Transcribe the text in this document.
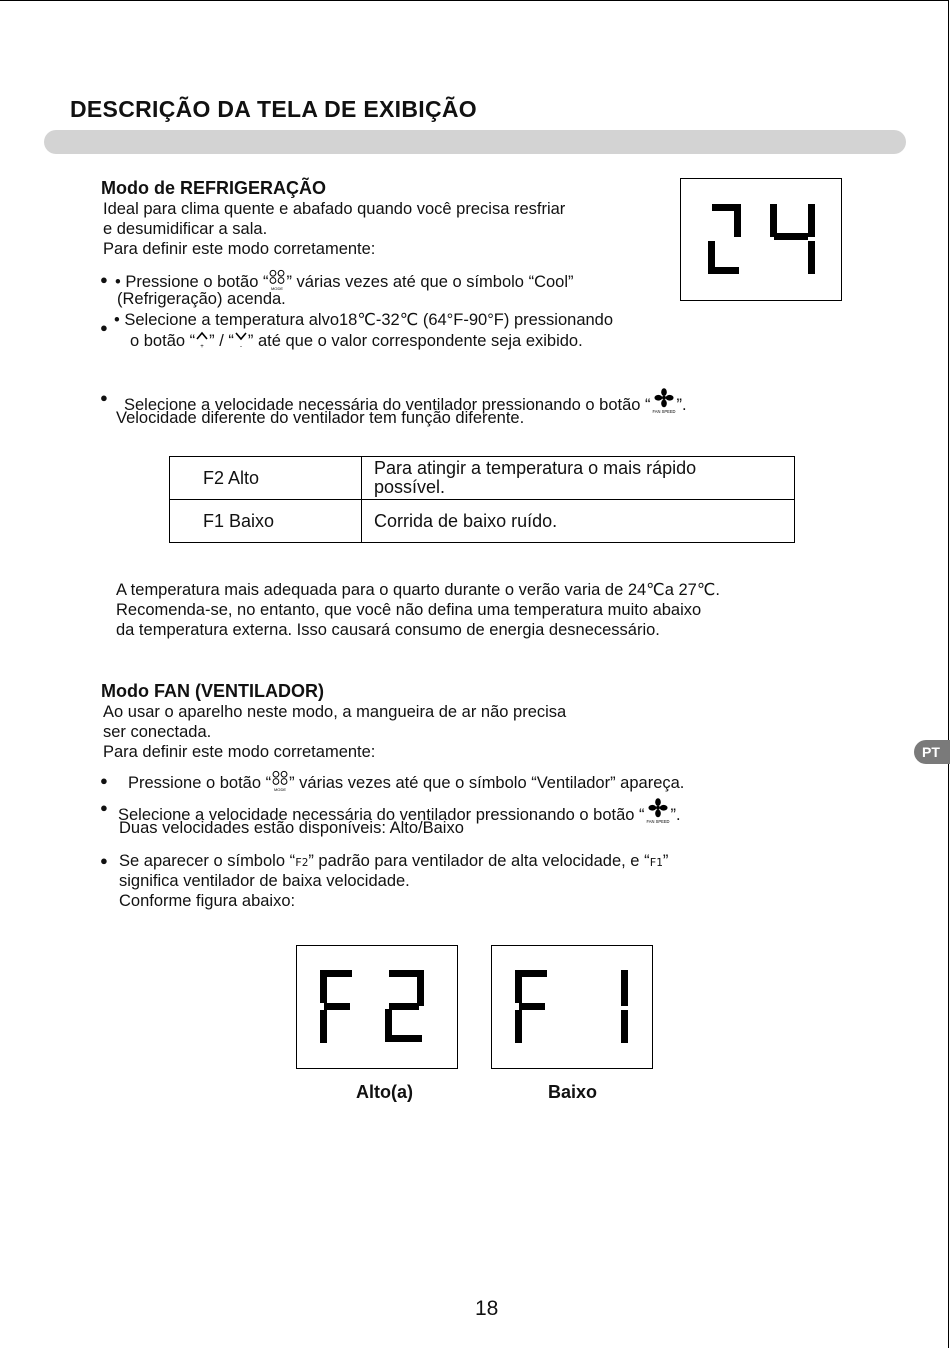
DESCRIÇÃO DA TELA DE EXIBIÇÃO
Modo de REFRIGERAÇÃO
Ideal para clima quente e abafado quando você precisa resfriar
e desumidificar a sala.
Para definir este modo corretamente:
● • Pressione o botão “ MODE ” várias vezes até que o símbolo “Cool”
(Refrigeração) acenda.
● • Selecione a temperatura alvo18℃-32℃ (64°F-90°F) pressionando
o botão “ + ” / “ - ” até que o valor correspondente seja exibido.
● Selecione a velocidade necessária do ventilador pressionando o botão “ FAN SPEED ”.
Velocidade diferente do ventilador tem função diferente.
F2 Alto	Para atingir a temperatura o mais rápido possível.
F1 Baixo	Corrida de baixo ruído.
A temperatura mais adequada para o quarto durante o verão varia de 24℃a 27℃.
Recomenda-se, no entanto, que você não defina uma temperatura muito abaixo
da temperatura externa. Isso causará consumo de energia desnecessário.
Modo FAN (VENTILADOR)
Ao usar o aparelho neste modo, a mangueira de ar não precisa
ser conectada.
Para definir este modo corretamente:
● Pressione o botão “ MODE ” várias vezes até que o símbolo “Ventilador” apareça.
● Selecione a velocidade necessária do ventilador pressionando o botão “ FAN SPEED ”.
Duas velocidades estão disponíveis: Alto/Baixo
● Se aparecer o símbolo “F2” padrão para ventilador de alta velocidade, e “F1”
significa ventilador de baixa velocidade.
Conforme figura abaixo:
Alto(a)	Baixo
PT
18
